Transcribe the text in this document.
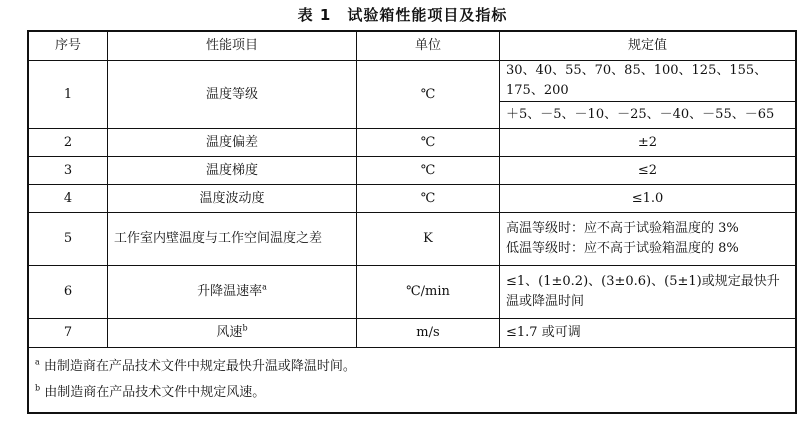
表 1　试验箱性能项目及指标
序号	性能项目	单位	规定值
1	温度等级	℃	30、40、55、70、85、100、125、155、175、200
			＋5、－5、－10、－25、－40、－55、－65
2	温度偏差	℃	±2
3	温度梯度	℃	≤2
4	温度波动度	℃	≤1.0
5	工作室内壁温度与工作空间温度之差	K	高温等级时：应不高于试验箱温度的 3%
低温等级时：应不高于试验箱温度的 8%

6	升降温速率$^a$	℃/min	≤1、(1±0.2)、(3±0.6)、(5±1)或规定最快升温或降温时间
7	风速$^b$	m/s	≤1.7 或可调

$^a$ 由制造商在产品技术文件中规定最快升温或降温时间。
$^b$ 由制造商在产品技术文件中规定风速。			
